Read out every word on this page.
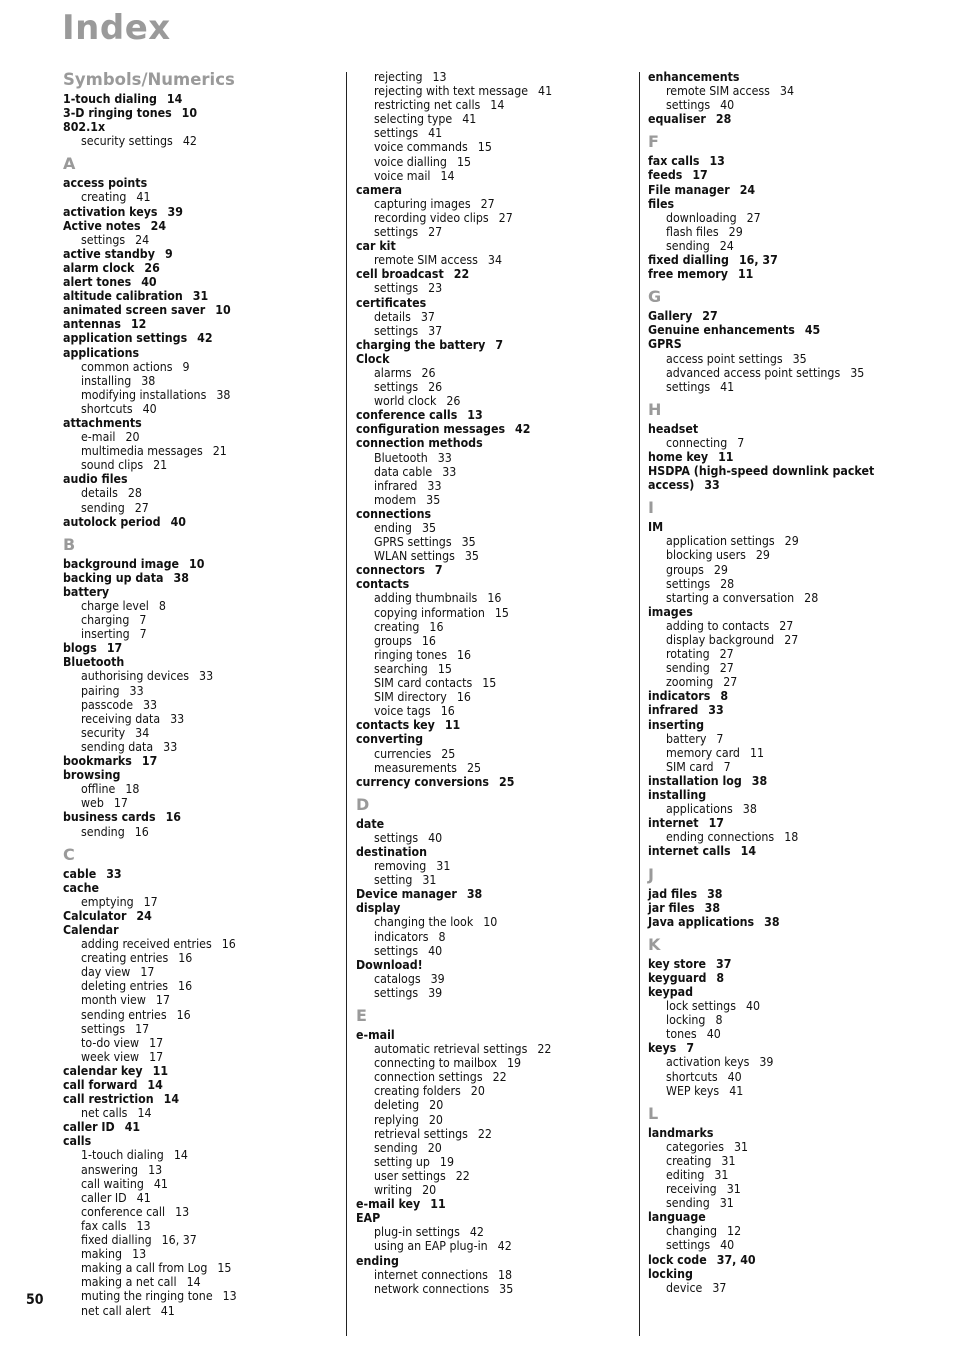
Index
Symbols/Numerics
1-touch dialing 14
3-D ringing tones 10
802.1x
security settings 42
A
access points
creating 41
activation keys 39
Active notes 24
settings 24
active standby 9
alarm clock 26
alert tones 40
altitude calibration 31
animated screen saver 10
antennas 12
application settings 42
applications
common actions 9
installing 38
modifying installations 38
shortcuts 40
attachments
e-mail 20
multimedia messages 21
sound clips 21
audio files
details 28
sending 27
autolock period 40
B
background image 10
backing up data 38
battery
charge level 8
charging 7
inserting 7
blogs 17
Bluetooth
authorising devices 33
pairing 33
passcode 33
receiving data 33
security 34
sending data 33
bookmarks 17
browsing
offline 18
web 17
business cards 16
sending 16
C
cable 33
cache
emptying 17
Calculator 24
Calendar
adding received entries 16
creating entries 16
day view 17
deleting entries 16
month view 17
sending entries 16
settings 17
to-do view 17
week view 17
calendar key 11
call forward 14
call restriction 14
net calls 14
caller ID 41
calls
1-touch dialing 14
answering 13
call waiting 41
caller ID 41
conference call 13
fax calls 13
fixed dialling 16, 37
making 13
making a call from Log 15
making a net call 14
muting the ringing tone 13
net call alert 41
rejecting 13
rejecting with text message 41
restricting net calls 14
selecting type 41
settings 41
voice commands 15
voice dialling 15
voice mail 14
camera
capturing images 27
recording video clips 27
settings 27
car kit
remote SIM access 34
cell broadcast 22
settings 23
certificates
details 37
settings 37
charging the battery 7
Clock
alarms 26
settings 26
world clock 26
conference calls 13
configuration messages 42
connection methods
Bluetooth 33
data cable 33
infrared 33
modem 35
connections
ending 35
GPRS settings 35
WLAN settings 35
connectors 7
contacts
adding thumbnails 16
copying information 15
creating 16
groups 16
ringing tones 16
searching 15
SIM card contacts 15
SIM directory 16
voice tags 16
contacts key 11
converting
currencies 25
measurements 25
currency conversions 25
D
date
settings 40
destination
removing 31
setting 31
Device manager 38
display
changing the look 10
indicators 8
settings 40
Download!
catalogs 39
settings 39
E
e-mail
automatic retrieval settings 22
connecting to mailbox 19
connection settings 22
creating folders 20
deleting 20
replying 20
retrieval settings 22
sending 20
setting up 19
user settings 22
writing 20
e-mail key 11
EAP
plug-in settings 42
using an EAP plug-in 42
ending
internet connections 18
network connections 35
enhancements
remote SIM access 34
settings 40
equaliser 28
F
fax calls 13
feeds 17
File manager 24
files
downloading 27
flash files 29
sending 24
fixed dialling 16, 37
free memory 11
G
Gallery 27
Genuine enhancements 45
GPRS
access point settings 35
advanced access point settings 35
settings 41
H
headset
connecting 7
home key 11
HSDPA (high-speed downlink packet access) 33
I
IM
application settings 29
blocking users 29
groups 29
settings 28
starting a conversation 28
images
adding to contacts 27
display background 27
rotating 27
sending 27
zooming 27
indicators 8
infrared 33
inserting
battery 7
memory card 11
SIM card 7
installation log 38
installing
applications 38
internet 17
ending connections 18
internet calls 14
J
jad files 38
jar files 38
Java applications 38
K
key store 37
keyguard 8
keypad
lock settings 40
locking 8
tones 40
keys 7
activation keys 39
shortcuts 40
WEP keys 41
L
landmarks
categories 31
creating 31
editing 31
receiving 31
sending 31
language
changing 12
settings 40
lock code 37, 40
locking
device 37
50
